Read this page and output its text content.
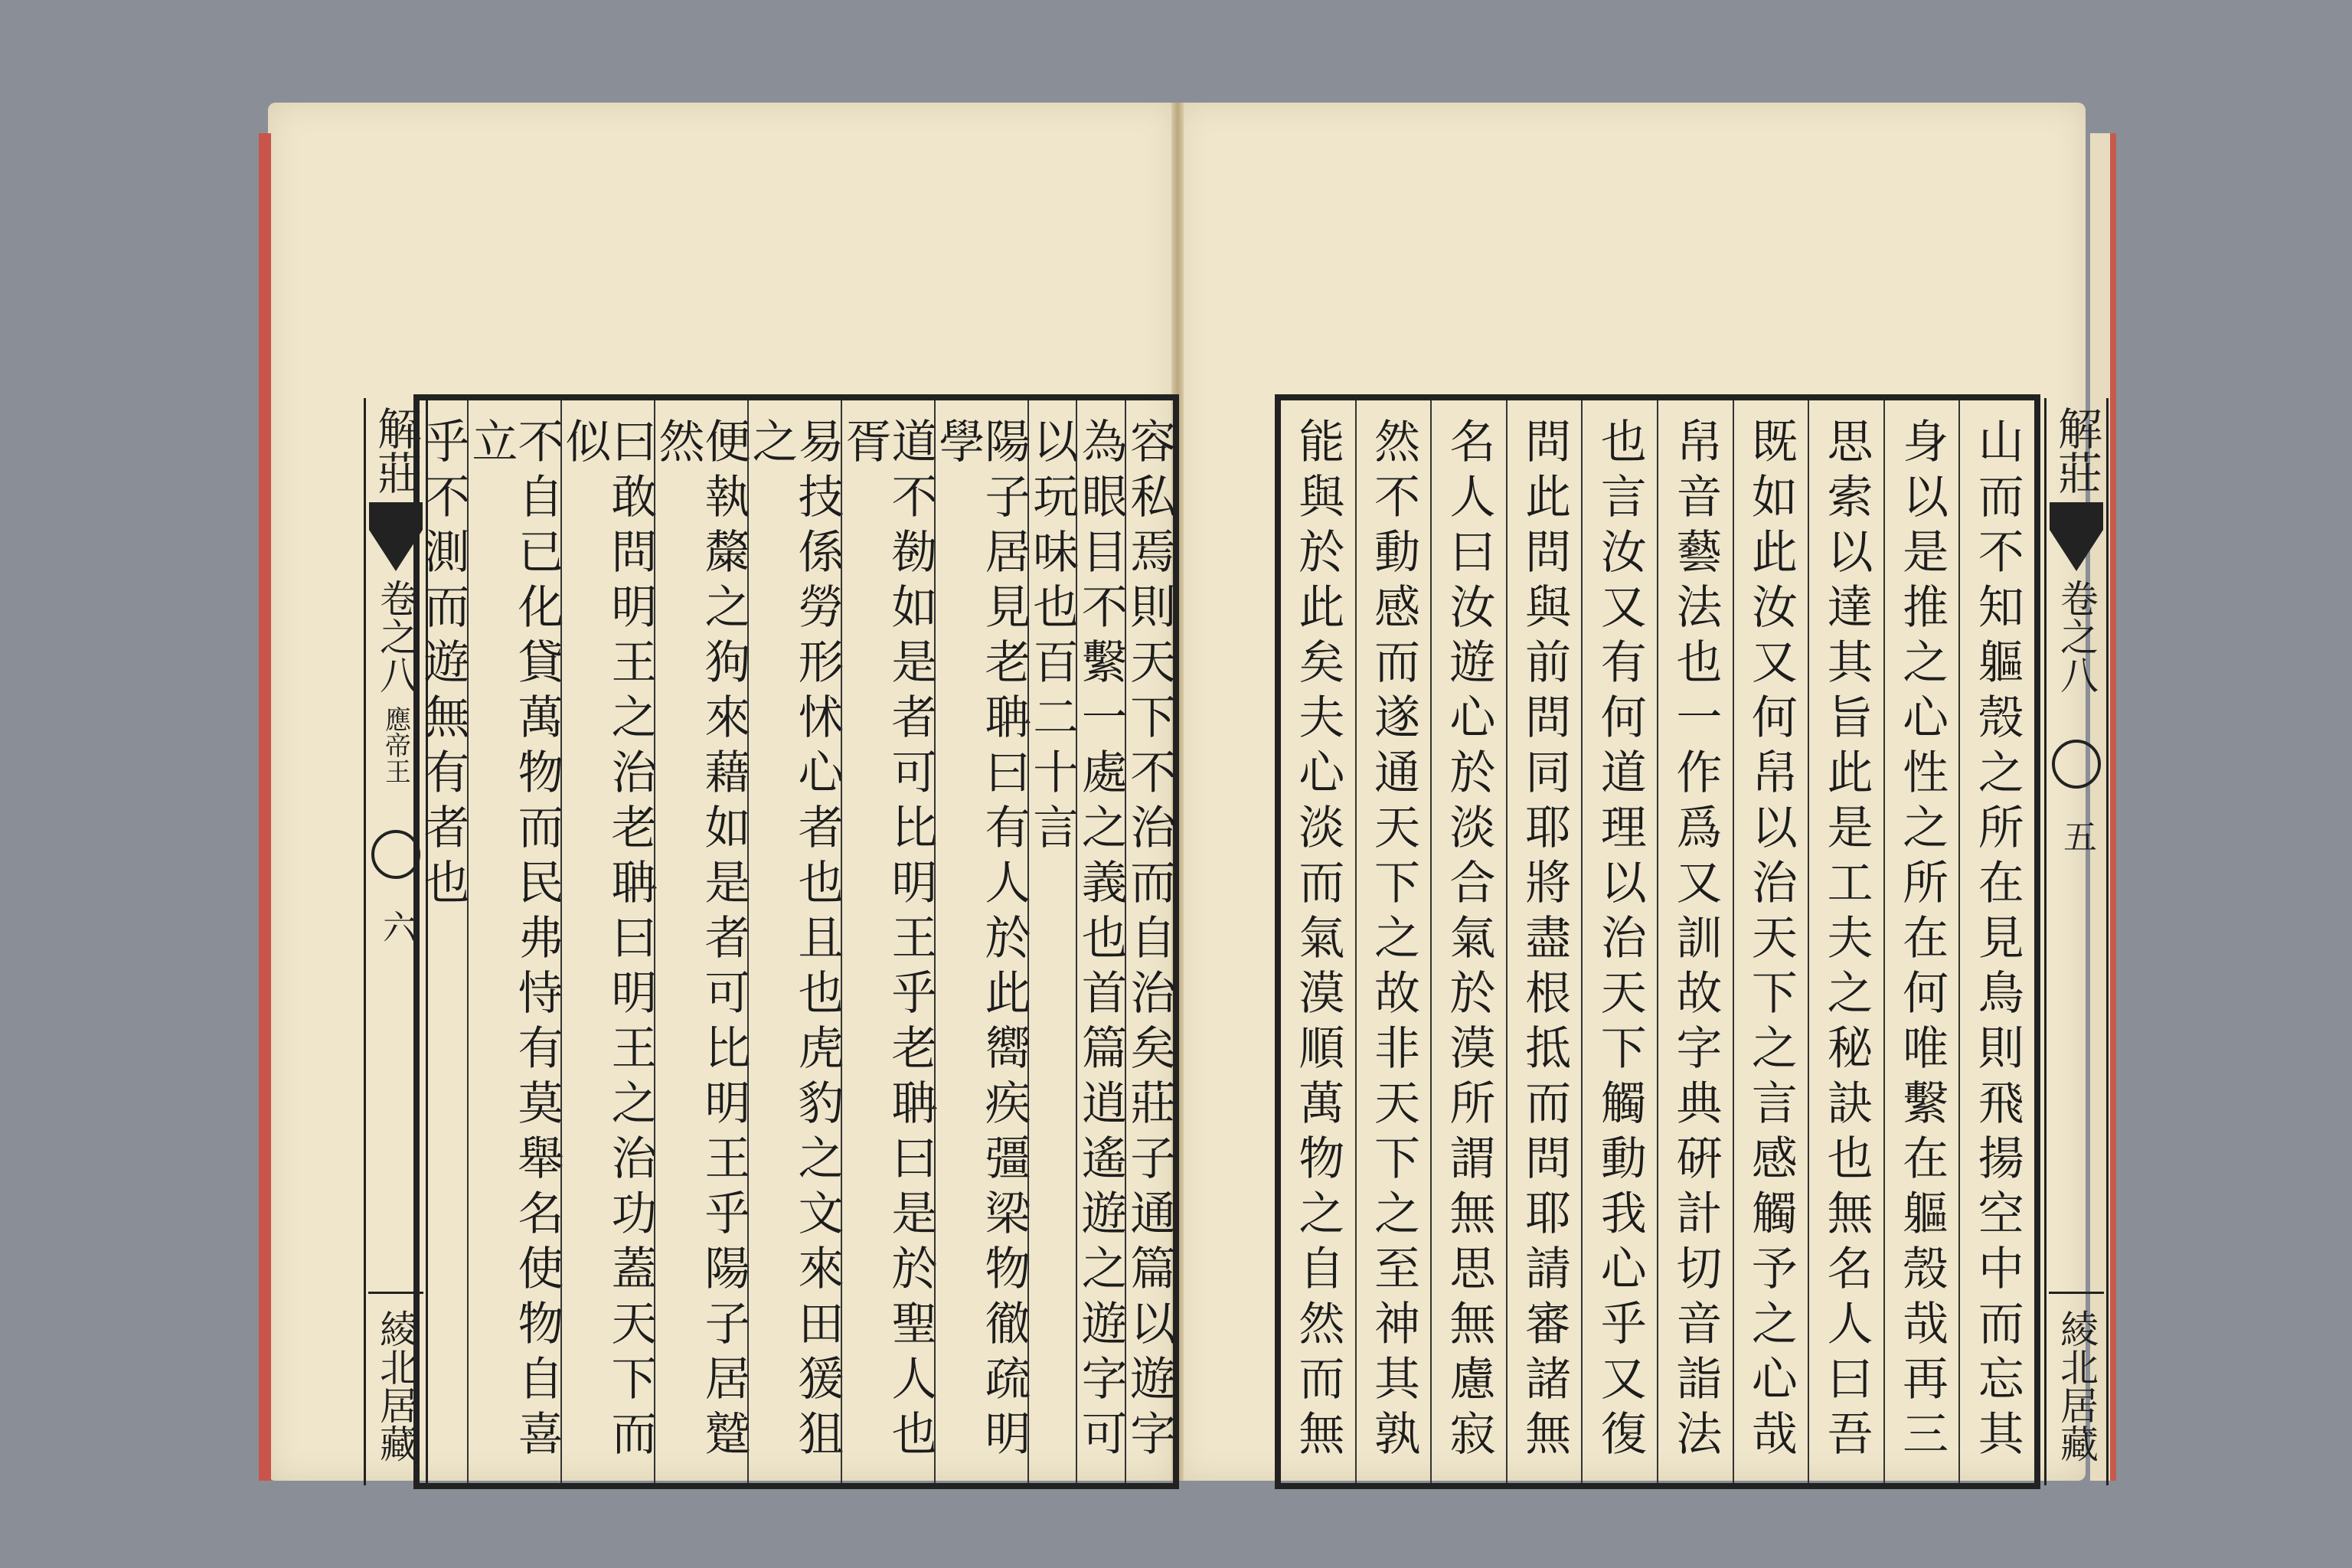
解莊
卷之八
應帝王
六
綾北居藏	容私焉則天下不治而自治矣莊子通篇以遊字
為眼目不繫一處之義也首篇逍遙遊之遊字可
以玩味也百二十言
陽子居見老聃曰有人於此嚮疾彊梁物徹疏明學
道不勌如是者可比明王乎老聃曰是於聖人也胥
易技係勞形怵心者也且也虎豹之文來田猨狙之
便執斄之狗來藉如是者可比明王乎陽子居蹵然
曰敢問明王之治老聃曰明王之治功蓋天下而似
不自已化貸萬物而民弗恃有莫舉名使物自喜立
乎不測而遊無有者也	山而不知軀殼之所在見鳥則飛揚空中而忘其
身以是推之心性之所在何唯繫在軀殼哉再三
思索以達其旨此是工夫之秘訣也無名人曰吾
既如此汝又何帠以治天下之言感觸予之心哉
帠音藝法也一作爲又訓故字典硏計切音詣法
也言汝又有何道理以治天下觸動我心乎又復
問此問與前問同耶將盡根抵而問耶請審諸無
名人曰汝遊心於淡合氣於漠所謂無思無慮寂
然不動感而遂通天下之故非天下之至神其孰
能與於此矣夫心淡而氣漠順萬物之自然而無	解莊
卷之八
五
綾北居藏
